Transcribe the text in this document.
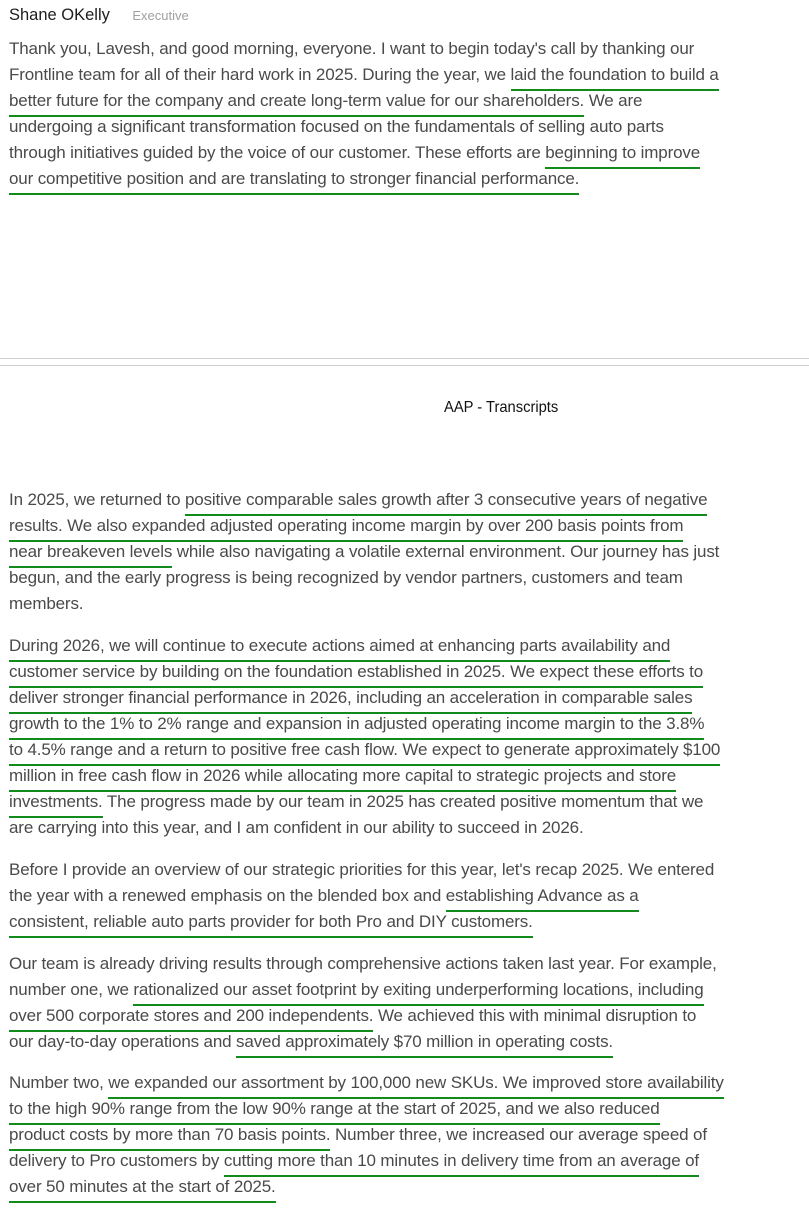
Shane OKelly Executive
Thank you, Lavesh, and good morning, everyone. I want to begin today's call by thanking our
Frontline team for all of their hard work in 2025. During the year, we laid the foundation to build a
better future for the company and create long-term value for our shareholders. We are
undergoing a significant transformation focused on the fundamentals of selling auto parts
through initiatives guided by the voice of our customer. These efforts are beginning to improve
our competitive position and are translating to stronger financial performance.
AAP - Transcripts
In 2025, we returned to positive comparable sales growth after 3 consecutive years of negative
results. We also expanded adjusted operating income margin by over 200 basis points from
near breakeven levels while also navigating a volatile external environment. Our journey has just
begun, and the early progress is being recognized by vendor partners, customers and team
members.
During 2026, we will continue to execute actions aimed at enhancing parts availability and
customer service by building on the foundation established in 2025. We expect these efforts to
deliver stronger financial performance in 2026, including an acceleration in comparable sales
growth to the 1% to 2% range and expansion in adjusted operating income margin to the 3.8%
to 4.5% range and a return to positive free cash flow. We expect to generate approximately $100
million in free cash flow in 2026 while allocating more capital to strategic projects and store
investments. The progress made by our team in 2025 has created positive momentum that we
are carrying into this year, and I am confident in our ability to succeed in 2026.
Before I provide an overview of our strategic priorities for this year, let's recap 2025. We entered
the year with a renewed emphasis on the blended box and establishing Advance as a
consistent, reliable auto parts provider for both Pro and DIY customers.
Our team is already driving results through comprehensive actions taken last year. For example,
number one, we rationalized our asset footprint by exiting underperforming locations, including
over 500 corporate stores and 200 independents. We achieved this with minimal disruption to
our day-to-day operations and saved approximately $70 million in operating costs.
Number two, we expanded our assortment by 100,000 new SKUs. We improved store availability
to the high 90% range from the low 90% range at the start of 2025, and we also reduced
product costs by more than 70 basis points. Number three, we increased our average speed of
delivery to Pro customers by cutting more than 10 minutes in delivery time from an average of
over 50 minutes at the start of 2025.
